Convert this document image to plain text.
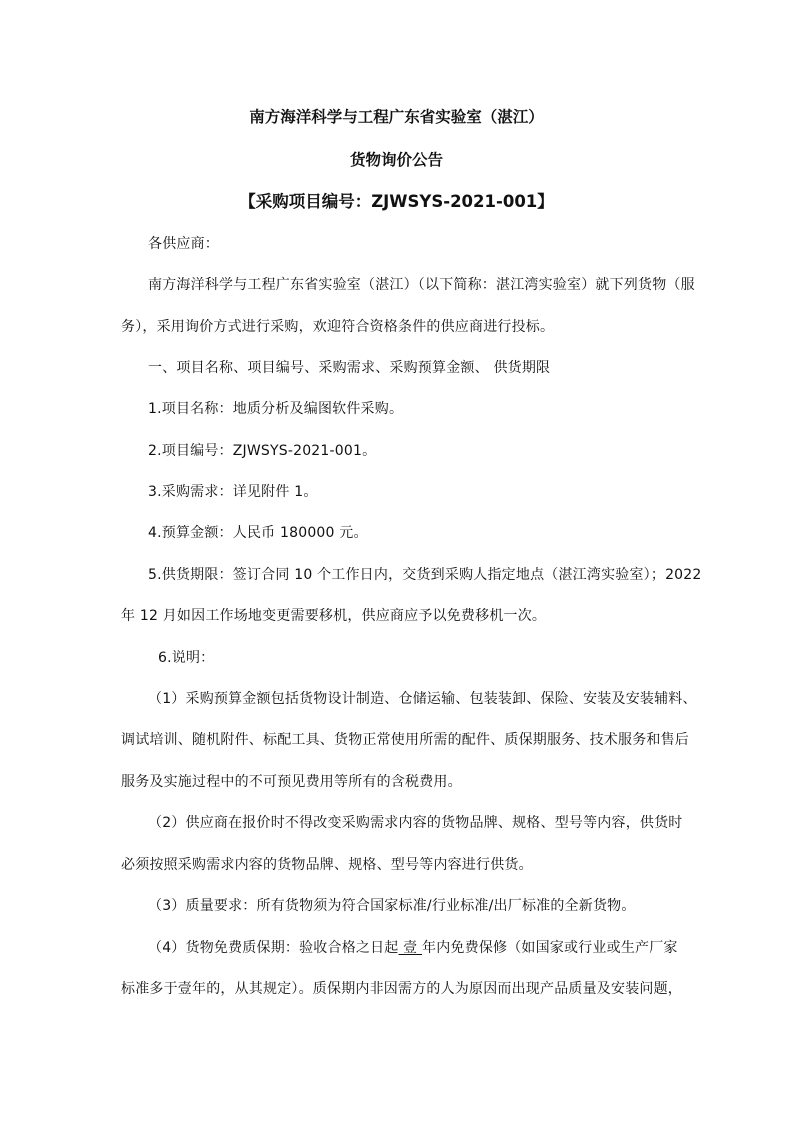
南方海洋科学与工程广东省实验室（湛江）
货物询价公告
【采购项目编号：ZJWSYS-2021-001】
各供应商：
南方海洋科学与工程广东省实验室（湛江）（以下简称：湛江湾实验室）就下列货物（服
务），采用询价方式进行采购，欢迎符合资格条件的供应商进行投标。
一、项目名称、项目编号、采购需求、采购预算金额、 供货期限
1.项目名称：地质分析及编图软件采购。
2.项目编号：ZJWSYS-2021-001。
3.采购需求：详见附件 1。
4.预算金额：人民币 180000 元。
5.供货期限：签订合同 10 个工作日内，交货到采购人指定地点（湛江湾实验室）；2022
年 12 月如因工作场地变更需要移机，供应商应予以免费移机一次。
6.说明：
（1）采购预算金额包括货物设计制造、仓储运输、包装装卸、保险、安装及安装辅料、
调试培训、随机附件、标配工具、货物正常使用所需的配件、质保期服务、技术服务和售后
服务及实施过程中的不可预见费用等所有的含税费用。
（2）供应商在报价时不得改变采购需求内容的货物品牌、规格、型号等内容，供货时
必须按照采购需求内容的货物品牌、规格、型号等内容进行供货。
（3）质量要求：所有货物须为符合国家标准/行业标准/出厂标准的全新货物。
（4）货物免费质保期：验收合格之日起 壹 年内免费保修（如国家或行业或生产厂家
标准多于壹年的，从其规定）。质保期内非因需方的人为原因而出现产品质量及安装问题，
